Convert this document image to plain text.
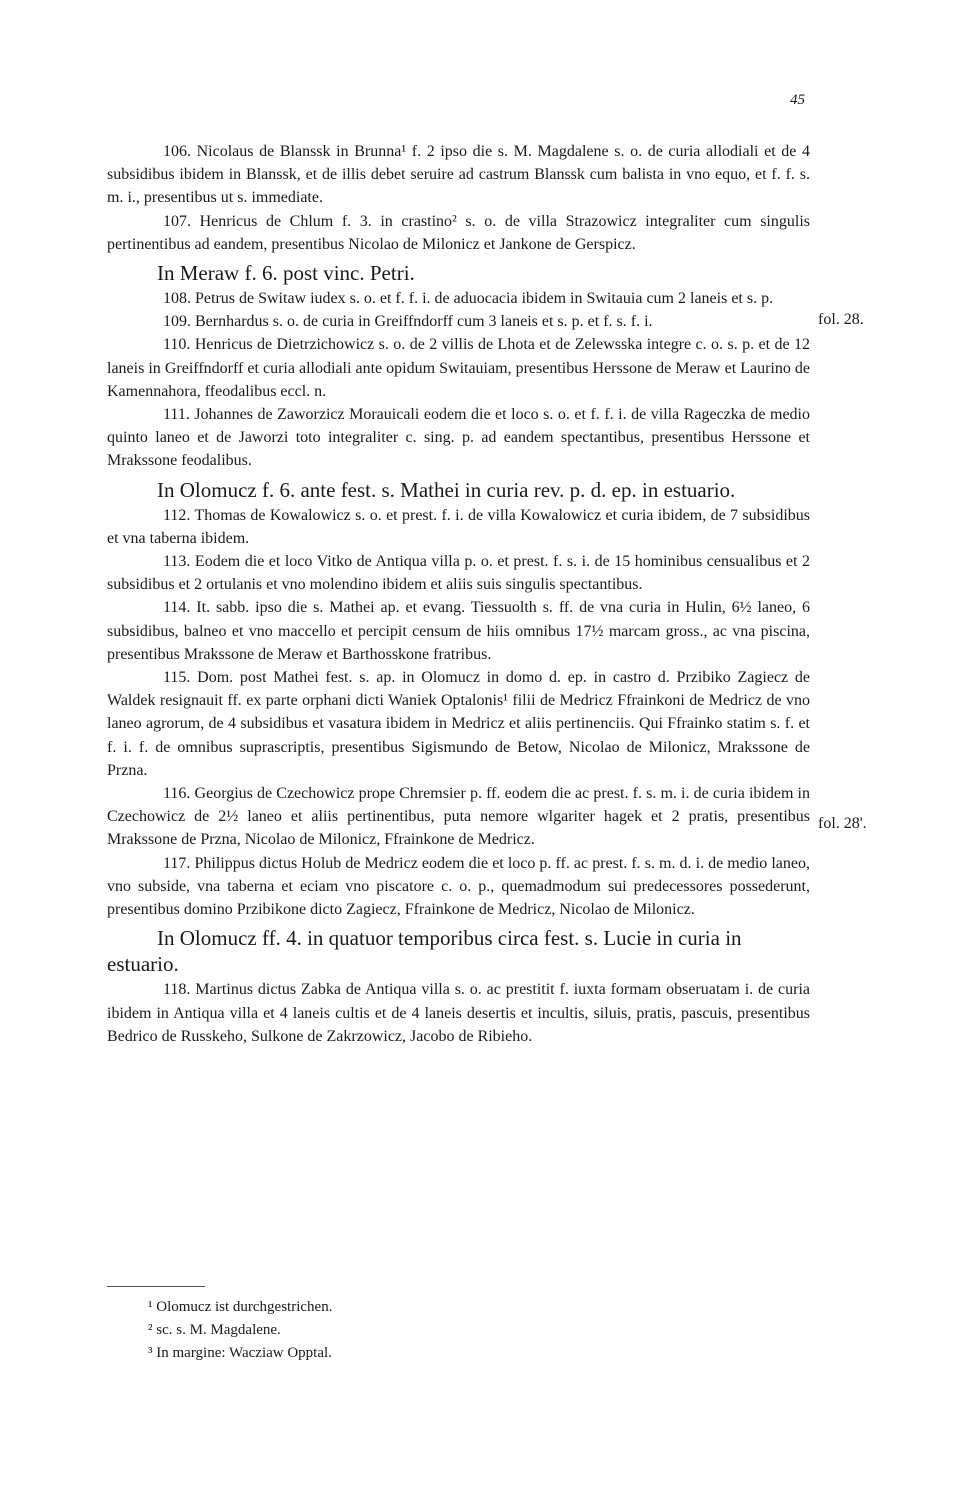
45

106. Nicolaus de Blanssk in Brunna¹ f. 2 ipso die s. M. Magdalene s. o. de curia allodiali et de 4 subsidibus ibidem in Blanssk, et de illis debet seruire ad castrum Blanssk cum balista in vno equo, et f. f. s. m. i., presentibus ut s. immediate.

107. Henricus de Chlum f. 3. in crastino² s. o. de villa Strazowicz integraliter cum singulis pertinentibus ad eandem, presentibus Nicolao de Milonicz et Jankone de Gerspicz.

In Meraw f. 6. post vinc. Petri.

108. Petrus de Switaw iudex s. o. et f. f. i. de aduocacia ibidem in Switauia cum 2 laneis et s. p.

109. Bernhardus s. o. de curia in Greiffndorff cum 3 laneis et s. p. et f. s. f. i.

110. Henricus de Dietrzichowicz s. o. de 2 villis de Lhota et de Zelewsska integre c. o. s. p. et de 12 laneis in Greiffndorff et curia allodiali ante opidum Switauiam, presentibus Herssone de Meraw et Laurino de Kamennahora, ffeodalibus eccl. n.

111. Johannes de Zaworzicz Morauicali eodem die et loco s. o. et f. f. i. de villa Rageczka de medio quinto laneo et de Jaworzi toto integraliter c. sing. p. ad eandem spectantibus, presentibus Herssone et Mrakssone feodalibus.

In Olomucz f. 6. ante fest. s. Mathei in curia rev. p. d. ep. in estuario.

112. Thomas de Kowalowicz s. o. et prest. f. i. de villa Kowalowicz et curia ibidem, de 7 subsidibus et vna taberna ibidem.

113. Eodem die et loco Vitko de Antiqua villa p. o. et prest. f. s. i. de 15 hominibus censualibus et 2 subsidibus et 2 ortulanis et vno molendino ibidem et aliis suis singulis spectantibus.

114. It. sabb. ipso die s. Mathei ap. et evang. Tiessuolth s. ff. de vna curia in Hulin, 6½ laneo, 6 subsidibus, balneo et vno maccello et percipit censum de hiis omnibus 17½ marcam gross., ac vna piscina, presentibus Mrakssone de Meraw et Barthosskone fratribus.

115. Dom. post Mathei fest. s. ap. in Olomucz in domo d. ep. in castro d. Przibiko Zagiecz de Waldek resignauit ff. ex parte orphani dicti Waniek Optalonis¹ filii de Medricz Ffrainkoni de Medricz de vno laneo agrorum, de 4 subsidibus et vasatura ibidem in Medricz et aliis pertinenciis. Qui Ffrainko statim s. f. et f. i. f. de omnibus suprascriptis, presentibus Sigismundo de Betow, Nicolao de Milonicz, Mrakssone de Przna.

116. Georgius de Czechowicz prope Chremsier p. ff. eodem die ac prest. f. s. m. i. de curia ibidem in Czechowicz de 2½ laneo et aliis pertinentibus, puta nemore wlgariter hagek et 2 pratis, presentibus Mrakssone de Przna, Nicolao de Milonicz, Ffrainkone de Medricz.

117. Philippus dictus Holub de Medricz eodem die et loco p. ff. ac prest. f. s. m. d. i. de medio laneo, vno subside, vna taberna et eciam vno piscatore c. o. p., quemadmodum sui predecessores possederunt, presentibus domino Przibikone dicto Zagiecz, Ffrainkone de Medricz, Nicolao de Milonicz.

In Olomucz ff. 4. in quatuor temporibus circa fest. s. Lucie in curia in estuario.

118. Martinus dictus Zabka de Antiqua villa s. o. ac prestitit f. iuxta formam obseruatam i. de curia ibidem in Antiqua villa et 4 laneis cultis et de 4 laneis desertis et incultis, siluis, pratis, pascuis, presentibus Bedrico de Russkeho, Sulkone de Zakrzowicz, Jacobo de Ribieho.

fol. 28.
fol. 28'.

¹ Olomucz ist durchgestrichen.

² sc. s. M. Magdalene.

³ In margine: Wacziaw Opptal.
